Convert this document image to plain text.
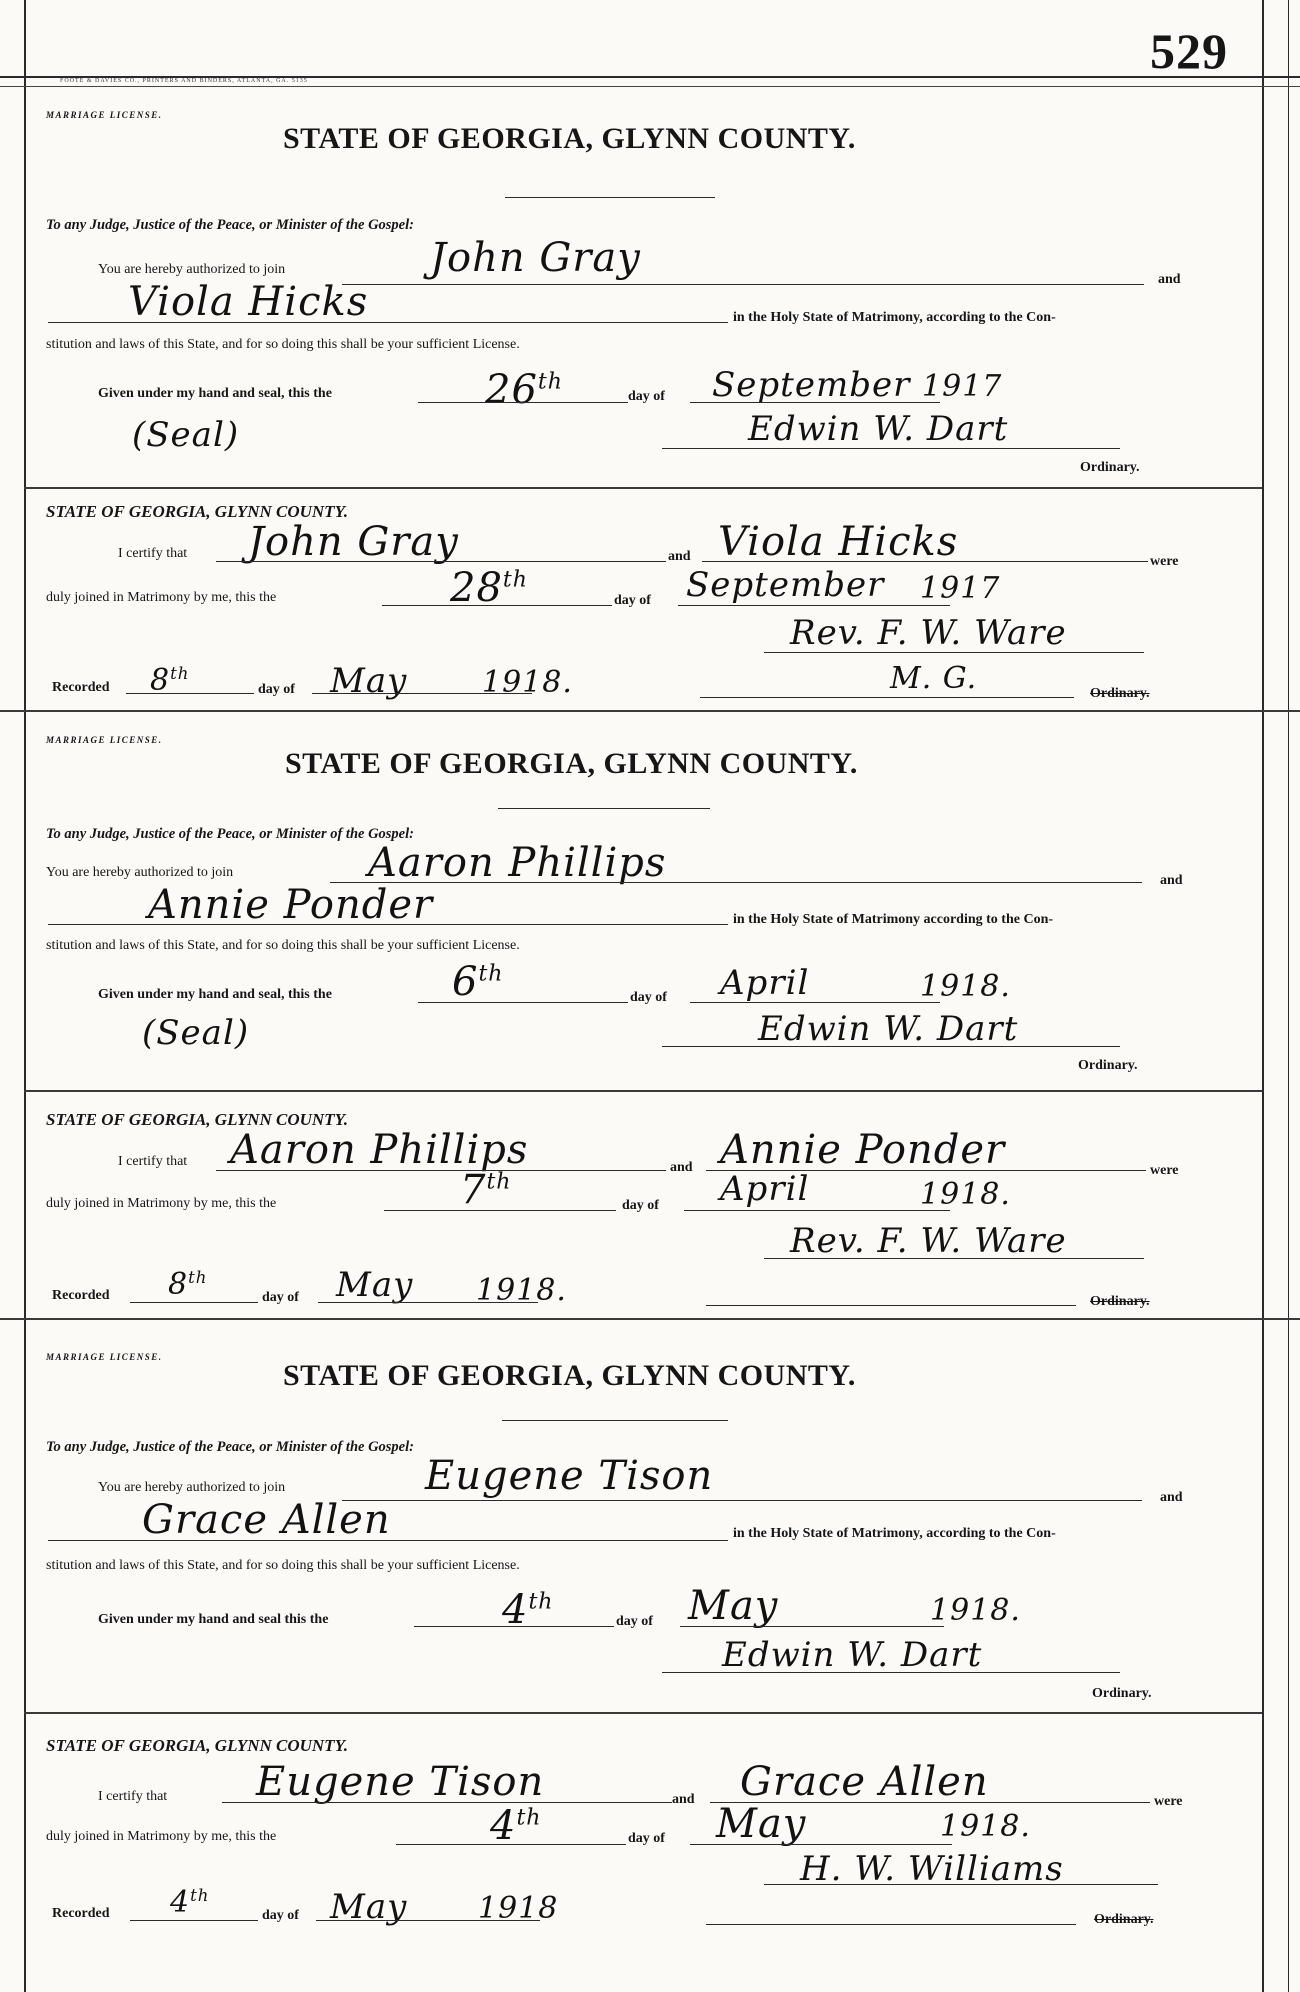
529
FOOTE & DAVIES CO., PRINTERS AND BINDERS, ATLANTA, GA. 5135
MARRIAGE LICENSE.
STATE OF GEORGIA, GLYNN COUNTY.
To any Judge, Justice of the Peace, or Minister of the Gospel:
You are hereby authorized to join	John Gray	and
Viola Hicks	in the Holy State of Matrimony, according to the Con-
stitution and laws of this State, and for so doing this shall be your sufficient License.
Given under my hand and seal, this the	26th
day of September 1917
(Seal)	Edwin W. Dart
Ordinary.
STATE OF GEORGIA, GLYNN COUNTY.
I certify that John Gray	and Viola Hicks	were
duly joined in Matrimony by me, this the	28th
day of September 1917
Rev. F. W. Ware
Recorded 8th
day of May 1918.	M. G.	Ordinary.
MARRIAGE LICENSE.
STATE OF GEORGIA, GLYNN COUNTY.
To any Judge, Justice of the Peace, or Minister of the Gospel:
You are hereby authorized to join	Aaron Phillips	and
Annie Ponder	in the Holy State of Matrimony according to the Con-
stitution and laws of this State, and for so doing this shall be your sufficient License.
Given under my hand and seal, this the	6th
day of April	1918.
(Seal)	Edwin W. Dart
Ordinary.
STATE OF GEORGIA, GLYNN COUNTY.
I certify that Aaron Phillips	and Annie Ponder	were
duly joined in Matrimony by me, this the	7th
day of April	1918.
Rev. F. W. Ware
Recorded 8th
day of May 1918.	Ordinary.
MARRIAGE LICENSE.
STATE OF GEORGIA, GLYNN COUNTY.
To any Judge, Justice of the Peace, or Minister of the Gospel:
You are hereby authorized to join	Eugene Tison	and
Grace Allen	in the Holy State of Matrimony, according to the Con-
stitution and laws of this State, and for so doing this shall be your sufficient License.
Given under my hand and seal this the	4th
day of May	1918.
Edwin W. Dart
Ordinary.
STATE OF GEORGIA, GLYNN COUNTY.
I certify that Eugene Tison	and Grace Allen	were
duly joined in Matrimony by me, this the	4th
day of May	1918.
H. W. Williams
Recorded 4th
day of May 1918	Ordinary.
